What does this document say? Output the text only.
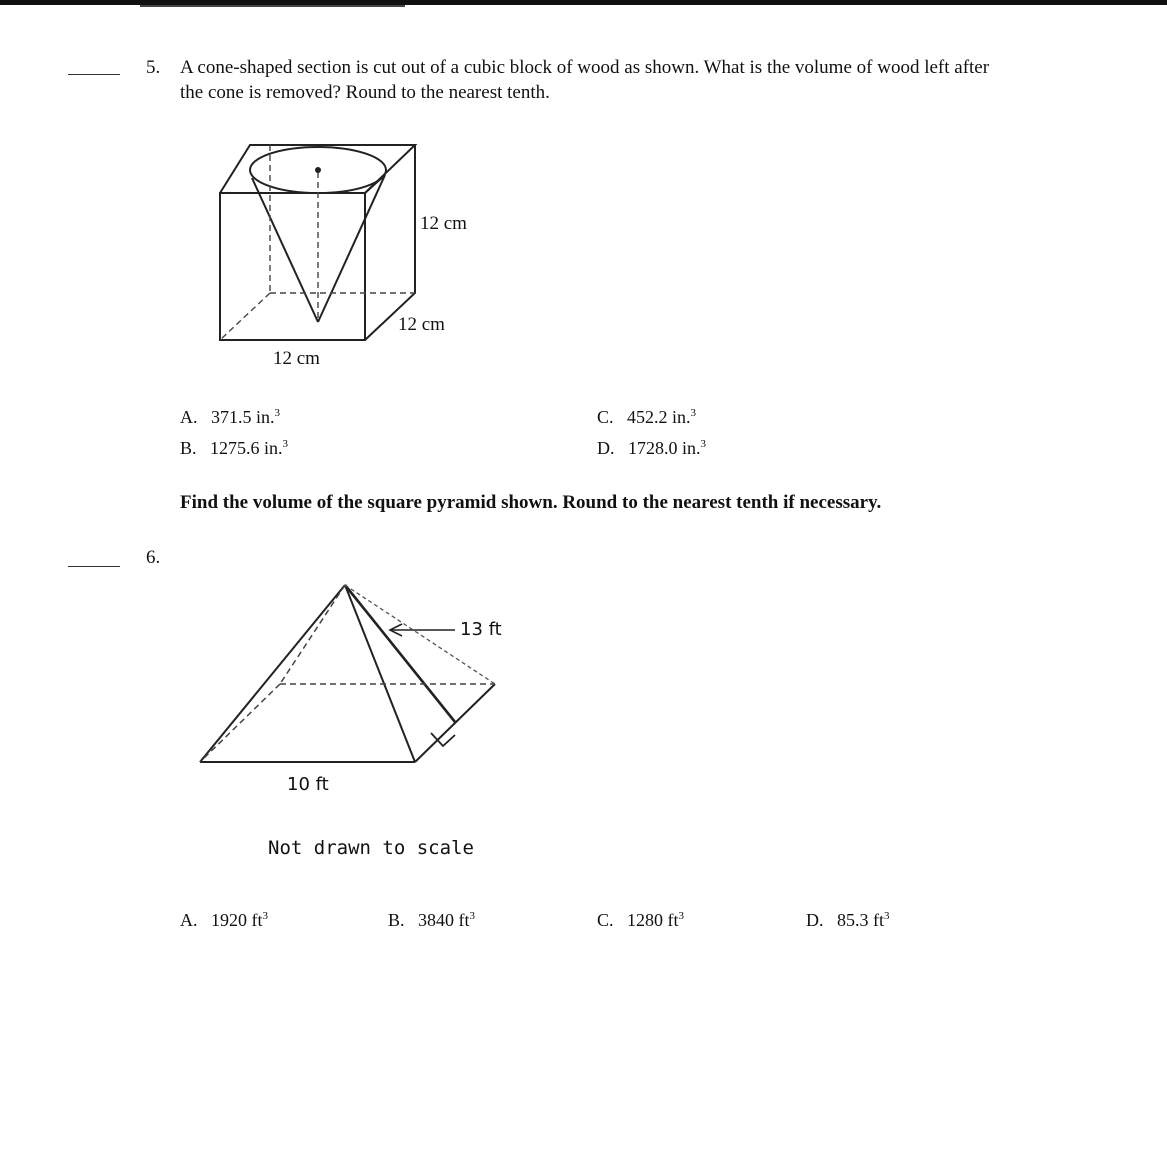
5. A cone-shaped section is cut out of a cubic block of wood as shown. What is the volume of wood left after
the cone is removed? Round to the nearest tenth.
12 cm
12 cm
12 cm
A. 371.5 in.$^3$
B. 1275.6 in.$^3$
C. 452.2 in.$^3$
D. 1728.0 in.$^3$
Find the volume of the square pyramid shown. Round to the nearest tenth if necessary.
6.
13 ft
10 ft
Not drawn to scale
A. 1920 $ft^3$	B. 3840 $ft^3$	C. 1280 $ft^3$	D. 85.3 $ft^3$
